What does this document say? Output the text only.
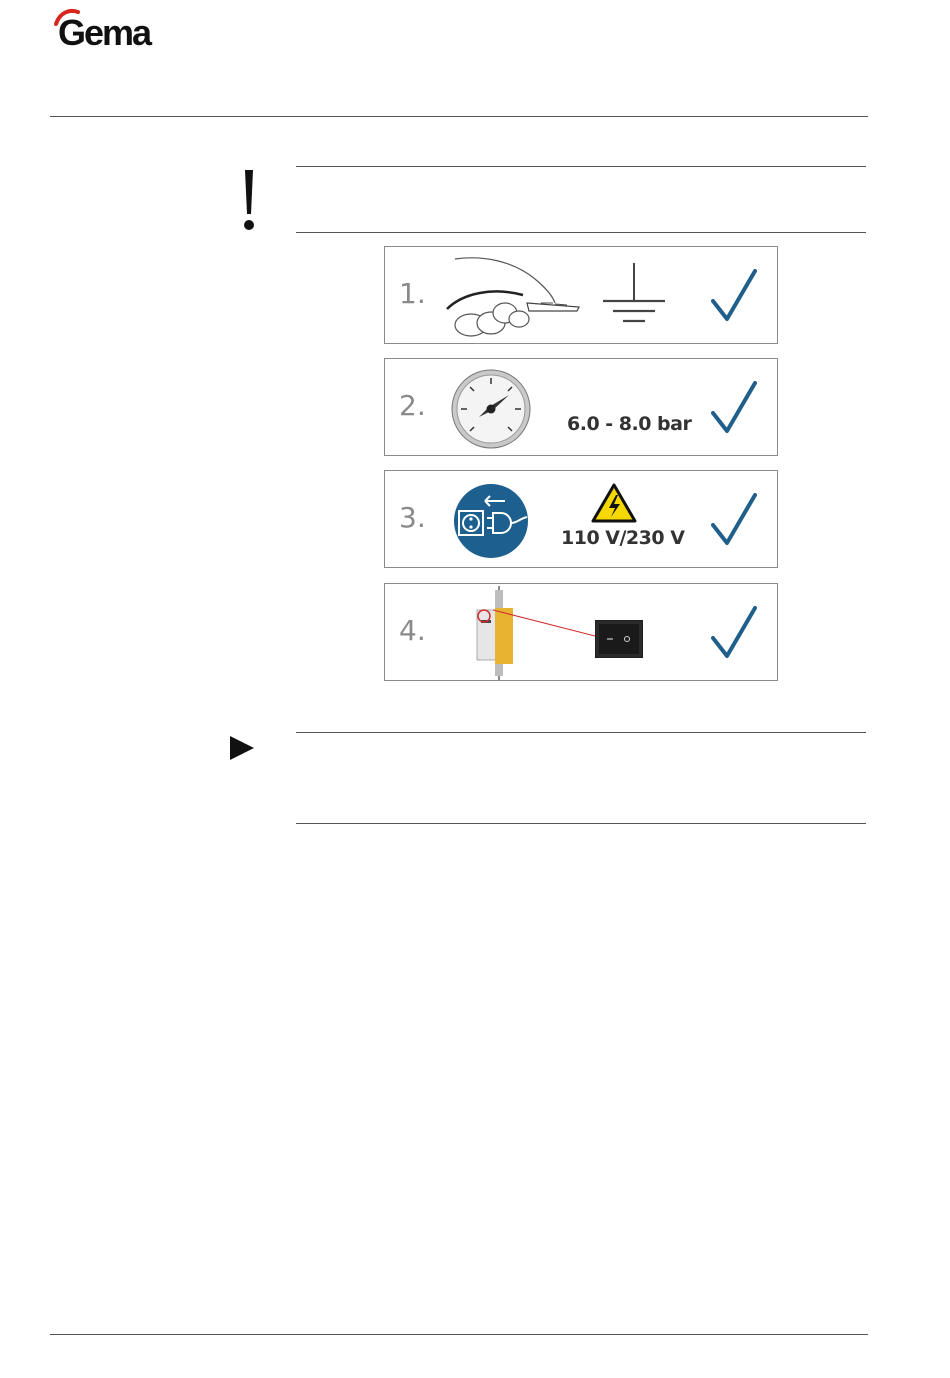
Gema
1.
2.
6.0 - 8.0 bar
3.
110 V/230 V
4.
